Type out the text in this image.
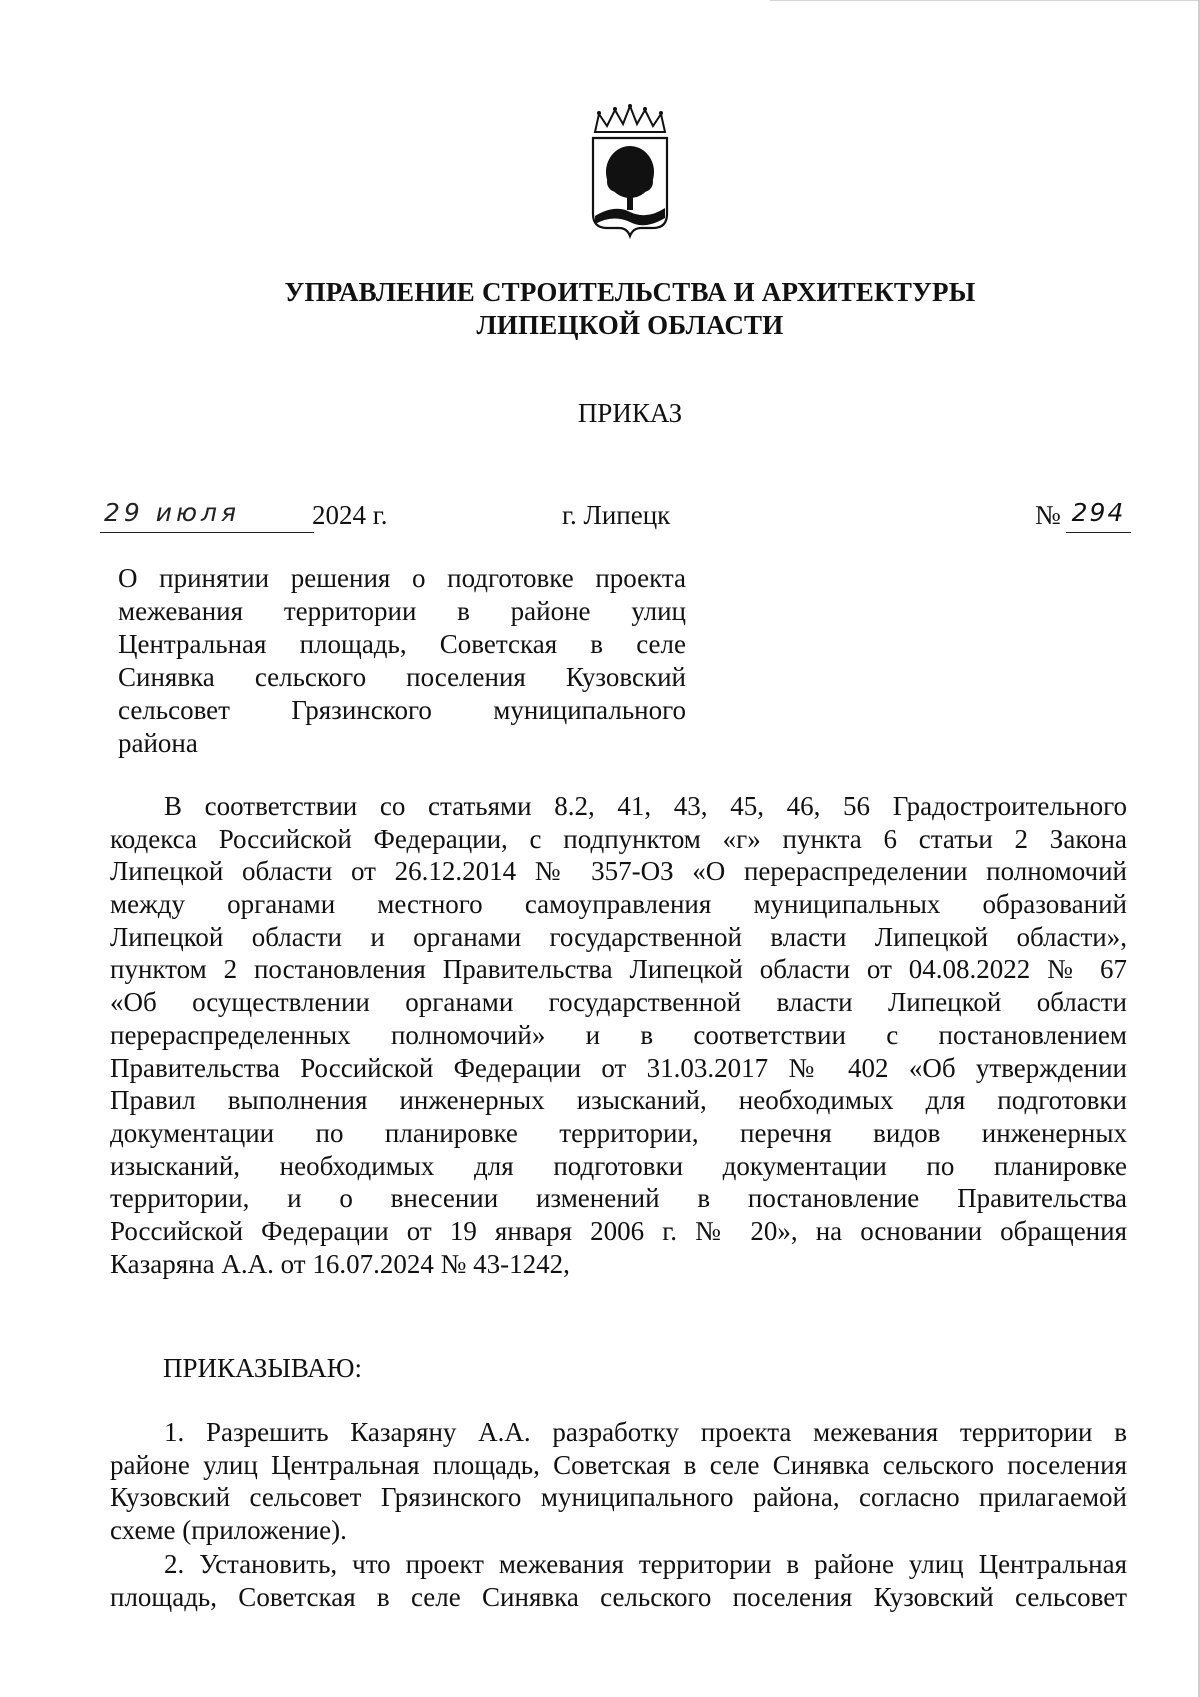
УПРАВЛЕНИЕ СТРОИТЕЛЬСТВА И АРХИТЕКТУРЫ
ЛИПЕЦКОЙ ОБЛАСТИ
ПРИКАЗ
29 июля	2024 г.	г. Липецк	№ 294
О принятии решения о подготовке проекта
межевания территории в районе улиц
Центральная площадь, Советская в селе
Синявка сельского поселения Кузовский
сельсовет Грязинского муниципального
района
В соответствии со статьями 8.2, 41, 43, 45, 46, 56 Градостроительного
кодекса Российской Федерации, с подпунктом «г» пункта 6 статьи 2 Закона
Липецкой области от 26.12.2014 № 357-ОЗ «О перераспределении полномочий
между органами местного самоуправления муниципальных образований
Липецкой области и органами государственной власти Липецкой области»,
пунктом 2 постановления Правительства Липецкой области от 04.08.2022 № 67
«Об осуществлении органами государственной власти Липецкой области
перераспределенных полномочий» и в соответствии с постановлением
Правительства Российской Федерации от 31.03.2017 № 402 «Об утверждении
Правил выполнения инженерных изысканий, необходимых для подготовки
документации по планировке территории, перечня видов инженерных
изысканий, необходимых для подготовки документации по планировке
территории, и о внесении изменений в постановление Правительства
Российской Федерации от 19 января 2006 г. № 20», на основании обращения
Казаряна А.А. от 16.07.2024 № 43-1242,
ПРИКАЗЫВАЮ:
1. Разрешить Казаряну А.А. разработку проекта межевания территории в
районе улиц Центральная площадь, Советская в селе Синявка сельского поселения
Кузовский сельсовет Грязинского муниципального района, согласно прилагаемой
схеме (приложение).
2. Установить, что проект межевания территории в районе улиц Центральная
площадь, Советская в селе Синявка сельского поселения Кузовский сельсовет
